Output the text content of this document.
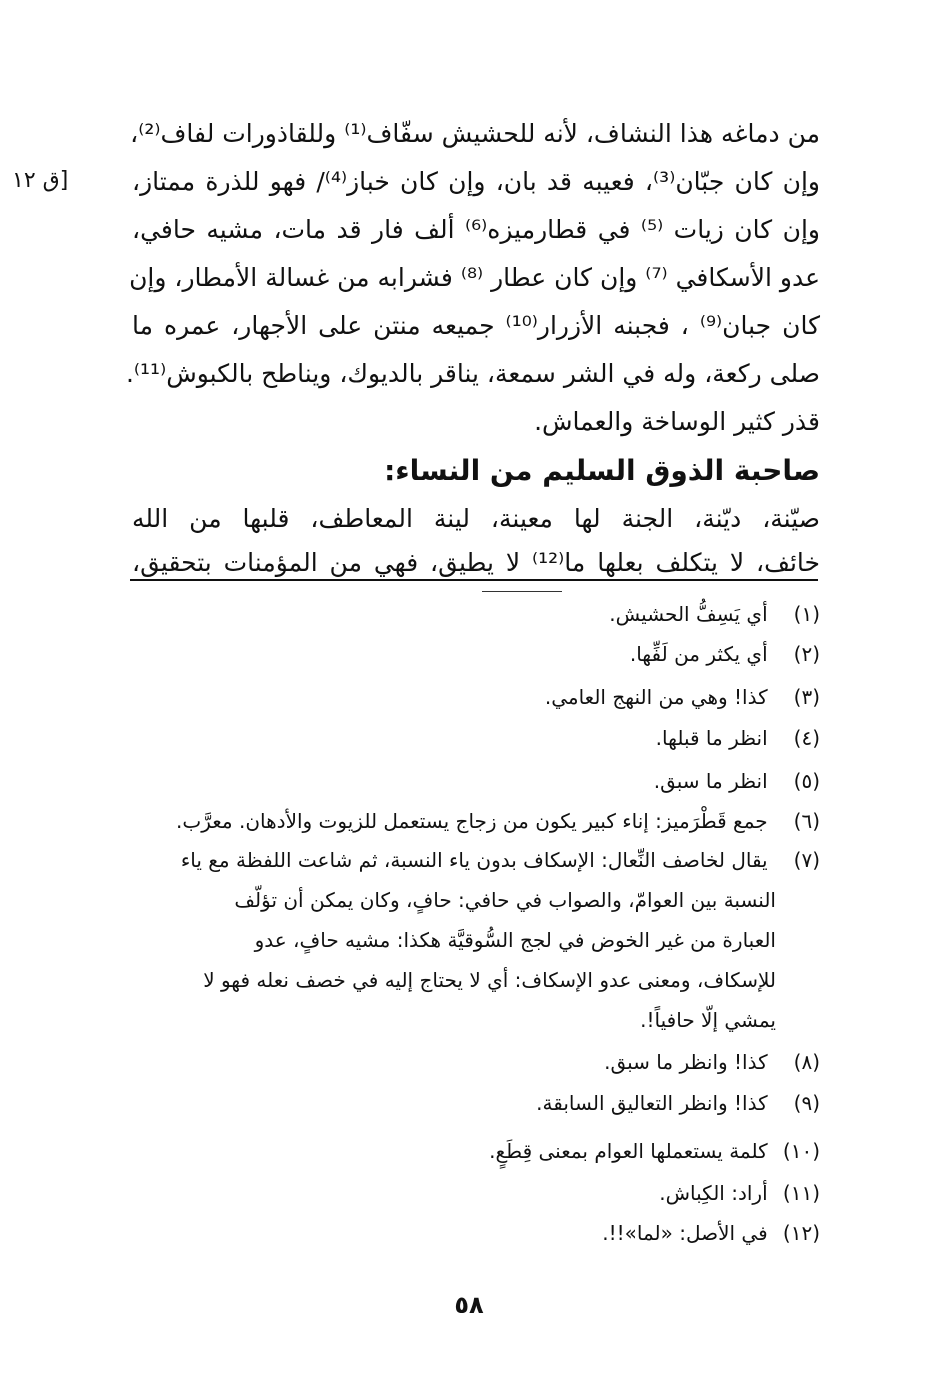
[ق ١٢
من دماغه هذا النشاف، لأنه للحشيش سفّاف⁽¹⁾ وللقاذورات لفاف⁽²⁾،
وإن كان جبّان⁽³⁾، فعيبه قد بان، وإن كان خباز⁽⁴⁾/ فهو للذرة ممتاز،
وإن كان زيات ⁽⁵⁾ في قطارميزه⁽⁶⁾ ألف فار قد مات، مشيه حافي،
عدو الأسكافي ⁽⁷⁾ وإن كان عطار ⁽⁸⁾ فشرابه من غسالة الأمطار، وإن
كان جبان⁽⁹⁾ ، فجبنه الأزرار⁽¹⁰⁾ جميعه منتن على الأجهار، عمره ما
صلى ركعة، وله في الشر سمعة، يناقر بالديوك، ويناطح بالكبوش⁽¹¹⁾.
قذر كثير الوساخة والعماش.
صاحبة الذوق السليم من النساء:
صيّنة، ديّنة، الجنة لها معينة، لينة المعاطف، قلبها من الله
خائف، لا يتكلف بعلها ما⁽¹²⁾ لا يطيق، فهي من المؤمنات بتحقيق،
(١) أي يَسِفُّ الحشيش.
(٢) أي يكثر من لَفِّها.
(٣) كذا! وهي من النهج العامي.
(٤) انظر ما قبلها.
(٥) انظر ما سبق.
(٦) جمع قَطْرَميز: إناء كبير يكون من زجاج يستعمل للزيوت والأدهان. معرَّب.
(٧) يقال لخاصف النِّعال: الإسكاف بدون ياء النسبة، ثم شاعت اللفظة مع ياء
النسبة بين العوامّ، والصواب في حافي: حافٍ، وكان يمكن أن تؤلّف
العبارة من غير الخوض في لجج السُّوقيَّة هكذا: مشيه حافٍ، عدو
للإسكاف، ومعنى عدو الإسكاف: أي لا يحتاج إليه في خصف نعله فهو لا
يمشي إلّا حافياً!.
(٨) كذا! وانظر ما سبق.
(٩) كذا! وانظر التعاليق السابقة.
(١٠) كلمة يستعملها العوام بمعنى قِطَعٍ.
(١١) أراد: الكِباش.
(١٢) في الأصل: «لما»!!.
٥٨
